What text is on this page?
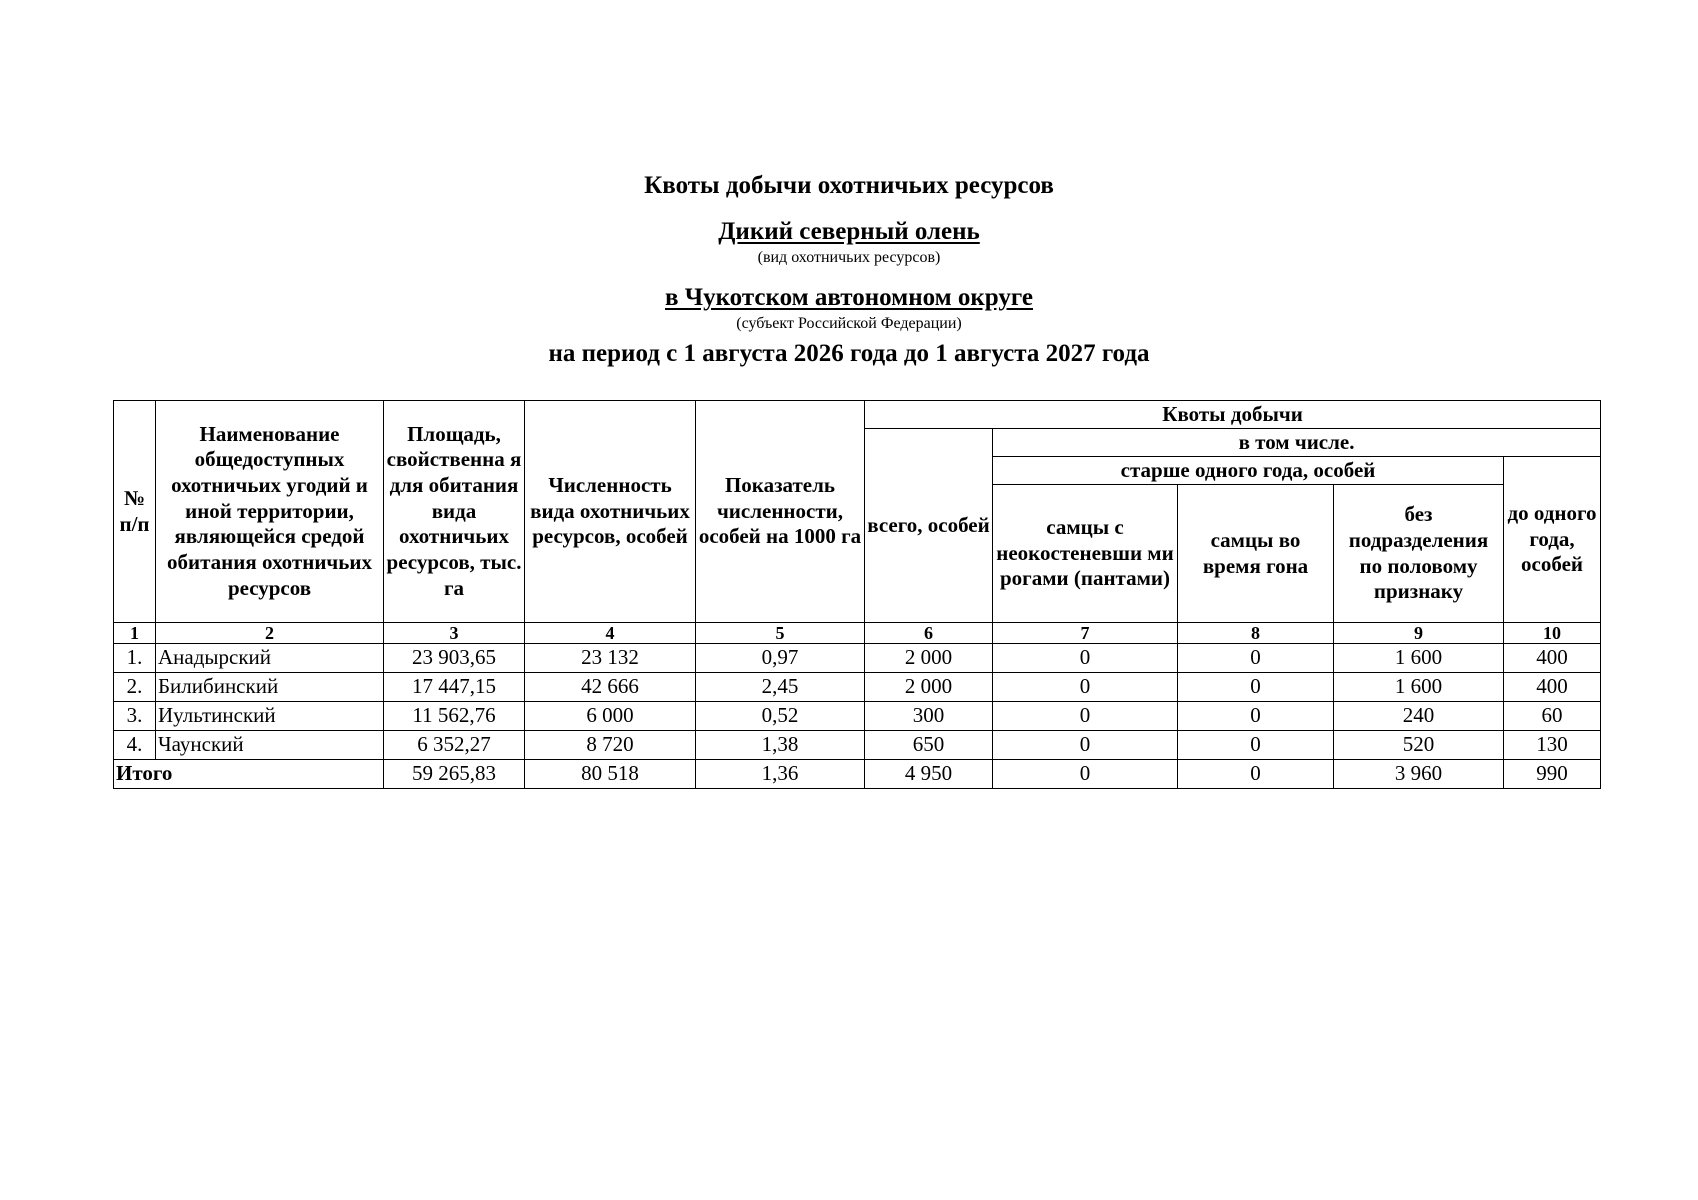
Квоты добычи охотничьих ресурсов
Дикий северный олень
(вид охотничьих ресурсов)
в Чукотском автономном округе
(субъект Российской Федерации)
на период с 1 августа 2026 года до 1 августа 2027 года
№ п/п	Наименование общедоступных охотничьих угодий и иной территории, являющейся средой обитания охотничьих ресурсов	Площадь, свойственна я для обитания вида охотничьих ресурсов, тыс. га	Численность вида охотничьих ресурсов, особей	Показатель численности, особей на 1000 га	Квоты добычи				
					всего, особей	в том числе.			
						старше одного года, особей			до одного года, особей
						самцы с неокостеневши ми рогами (пантами)	самцы во время гона	без подразделения по половому признаку	
1	2	3	4	5	6	7	8	9	10
1.	Анадырский	23 903,65	23 132	0,97	2 000	0	0	1 600	400
2.	Билибинский	17 447,15	42 666	2,45	2 000	0	0	1 600	400
3.	Иультинский	11 562,76	6 000	0,52	300	0	0	240	60
4.	Чаунский	6 352,27	8 720	1,38	650	0	0	520	130
Итого		59 265,83	80 518	1,36	4 950	0	0	3 960	990
